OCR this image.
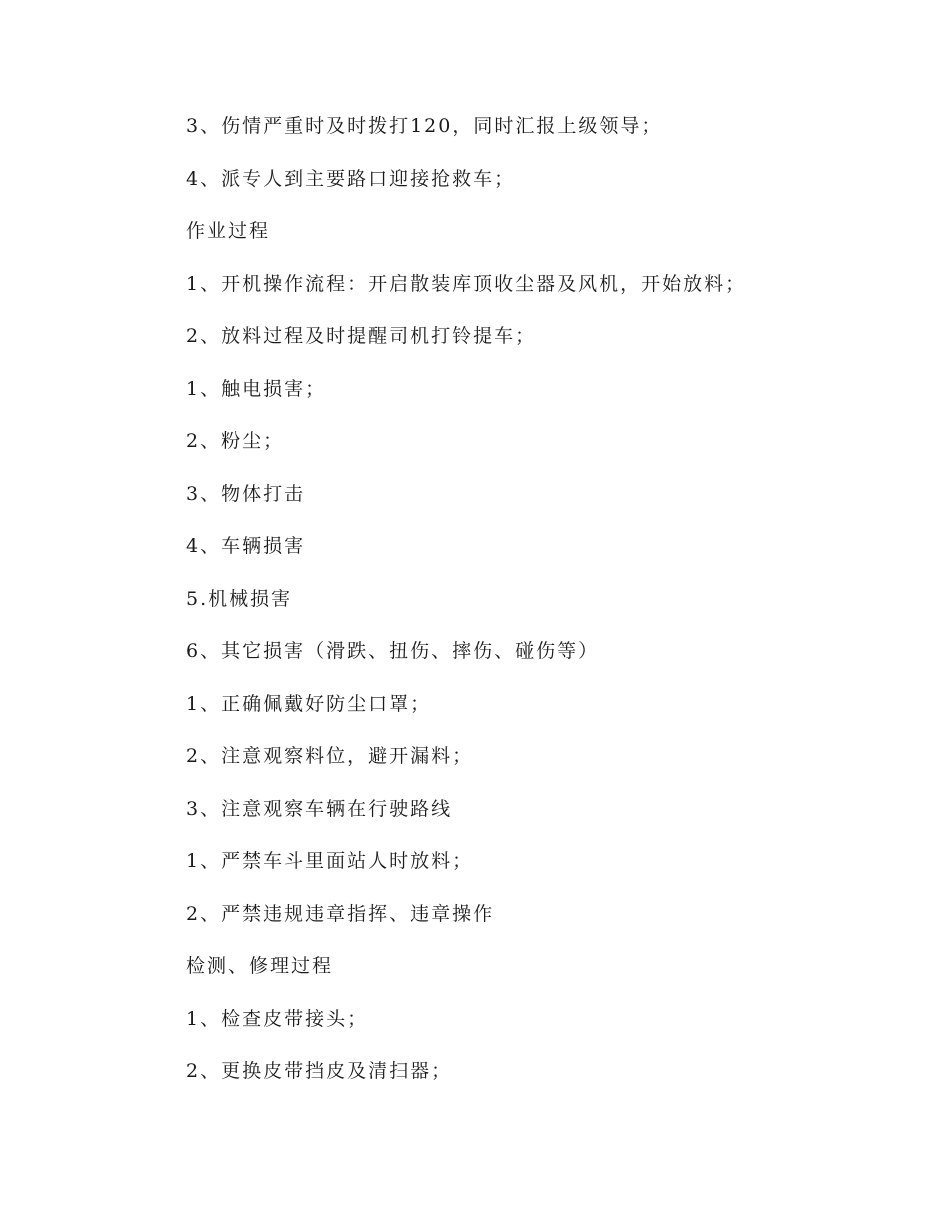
3、伤情严重时及时拨打120，同时汇报上级领导；
4、派专人到主要路口迎接抢救车；
作业过程
1、开机操作流程：开启散装库顶收尘器及风机，开始放料；
2、放料过程及时提醒司机打铃提车；
1、触电损害；
2、粉尘；
3、物体打击
4、车辆损害
5.机械损害
6、其它损害（滑跌、扭伤、摔伤、碰伤等）
1、正确佩戴好防尘口罩；
2、注意观察料位，避开漏料；
3、注意观察车辆在行驶路线
1、严禁车斗里面站人时放料；
2、严禁违规违章指挥、违章操作
检测、修理过程
1、检查皮带接头；
2、更换皮带挡皮及清扫器；
